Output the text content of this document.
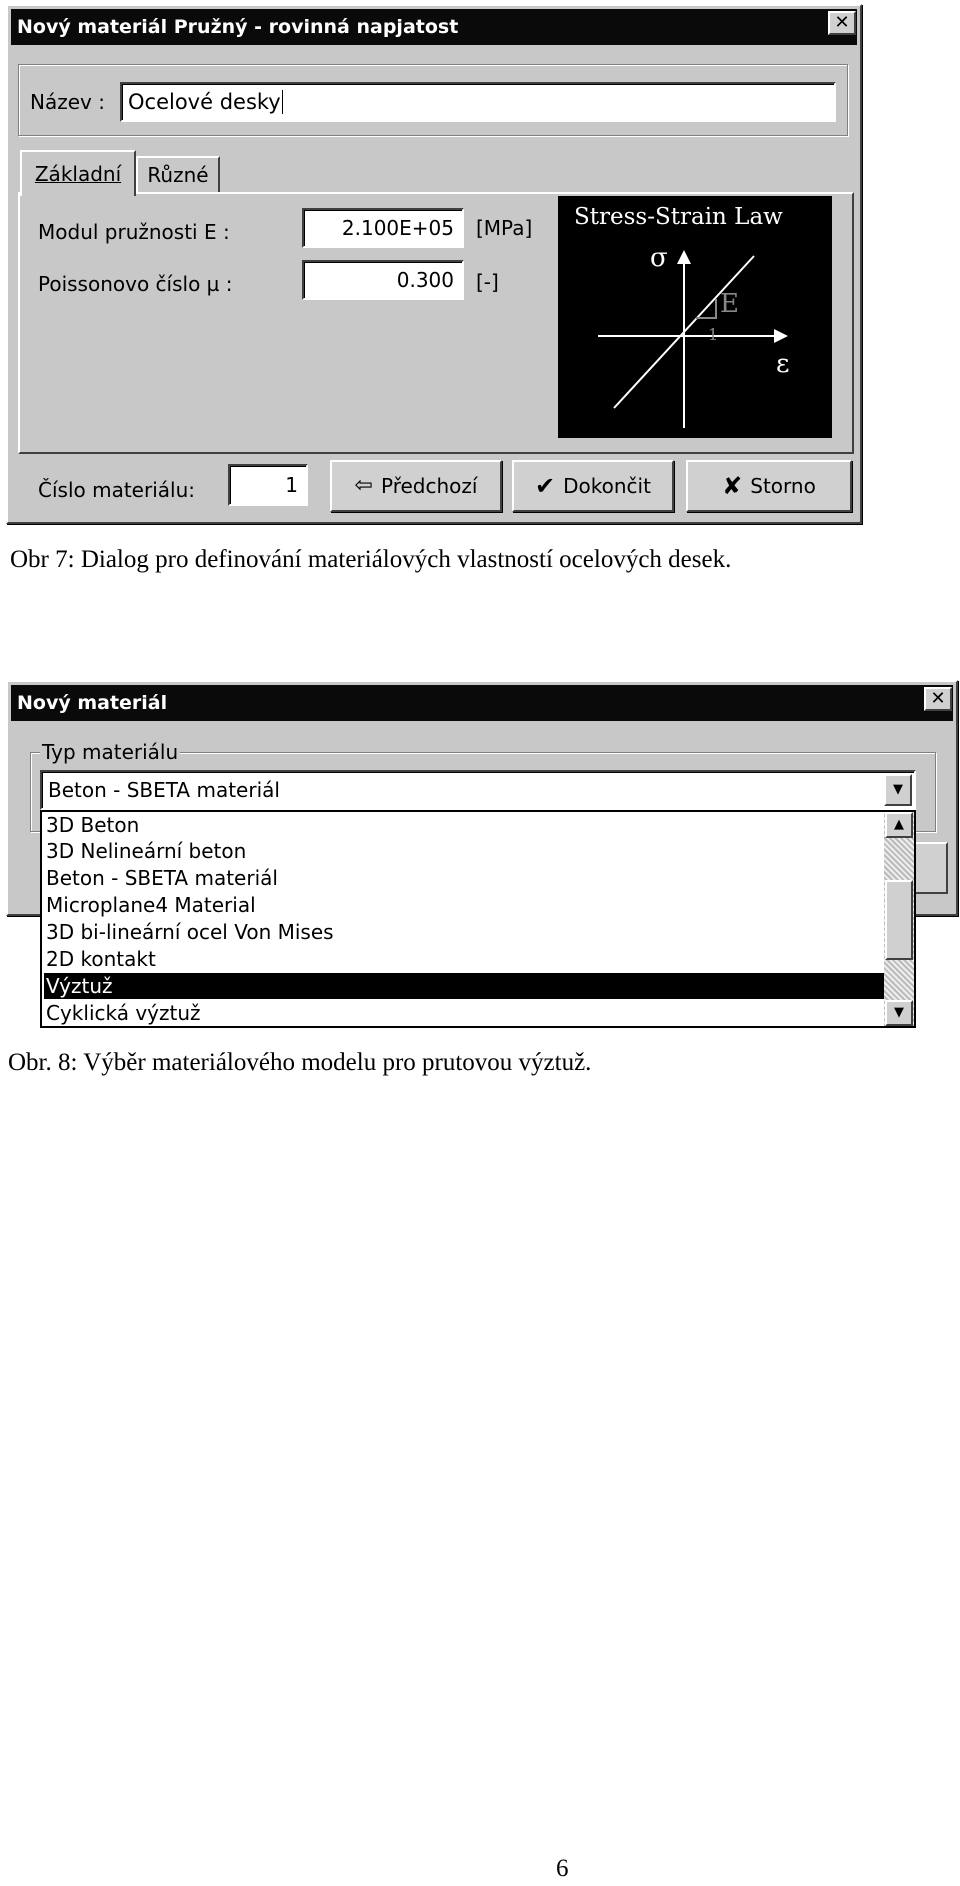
Nový materiál Pružný - rovinná napjatost	✕
Název :	Ocelové desky
Základní Různé
Modul pružnosti E :	2.100E+05	[MPa]
Poissonovo číslo µ :	0.300	[-]
Stress-Strain Law
σ
E
1
ε
Číslo materiálu:	1	⇦ Předchozí ✔ Dokončit	✘ Storno
Obr 7: Dialog pro definování materiálových vlastností ocelových desek.
Nový materiál	✕
Typ materiálu
Beton - SBETA materiál	▼
3D Beton
3D Nelineární beton
Beton - SBETA materiál
Microplane4 Material
3D bi-lineární ocel Von Mises
2D kontakt
Výztuž
Cyklická výztuž
▲
▼
Obr. 8: Výběr materiálového modelu pro prutovou výztuž.
6
